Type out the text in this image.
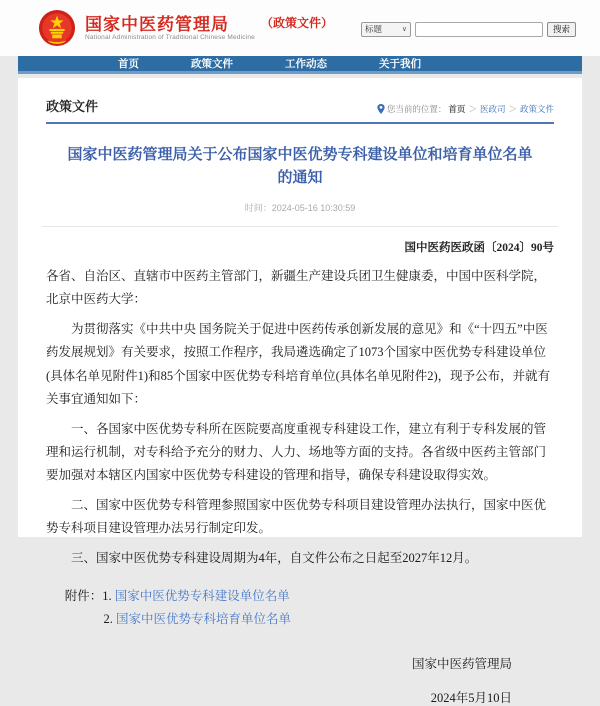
国家中医药管理局
National Administration of Traditional Chinese Medicine
（政策文件）	标题	∨	搜索
首页	政策文件	工作动态	关于我们
政策文件	您当前的位置： 首页 ＞ 医政司 ＞ 政策文件
国家中医药管理局关于公布国家中医优势专科建设单位和培育单位名单的通知
时间：2024-05-16 10:30:59
国中医药医政函〔2024〕90号

各省、自治区、直辖市中医药主管部门，新疆生产建设兵团卫生健康委，中国中医科学院，北京中医药大学：

为贯彻落实《中共中央 国务院关于促进中医药传承创新发展的意见》和《“十四五”中医药发展规划》有关要求，按照工作程序，我局遴选确定了1073个国家中医优势专科建设单位(具体名单见附件1)和85个国家中医优势专科培育单位(具体名单见附件2)，现予公布，并就有关事宜通知如下：

一、各国家中医优势专科所在医院要高度重视专科建设工作，建立有利于专科发展的管理和运行机制，对专科给予充分的财力、人力、场地等方面的支持。各省级中医药主管部门要加强对本辖区内国家中医优势专科建设的管理和指导，确保专科建设取得实效。

二、国家中医优势专科管理参照国家中医优势专科项目建设管理办法执行，国家中医优势专科项目建设管理办法另行制定印发。

三、国家中医优势专科建设周期为4年，自文件公布之日起至2027年12月。

附件：1. 国家中医优势专科建设单位名单
2. 国家中医优势专科培育单位名单
国家中医药管理局
2024年5月10日
